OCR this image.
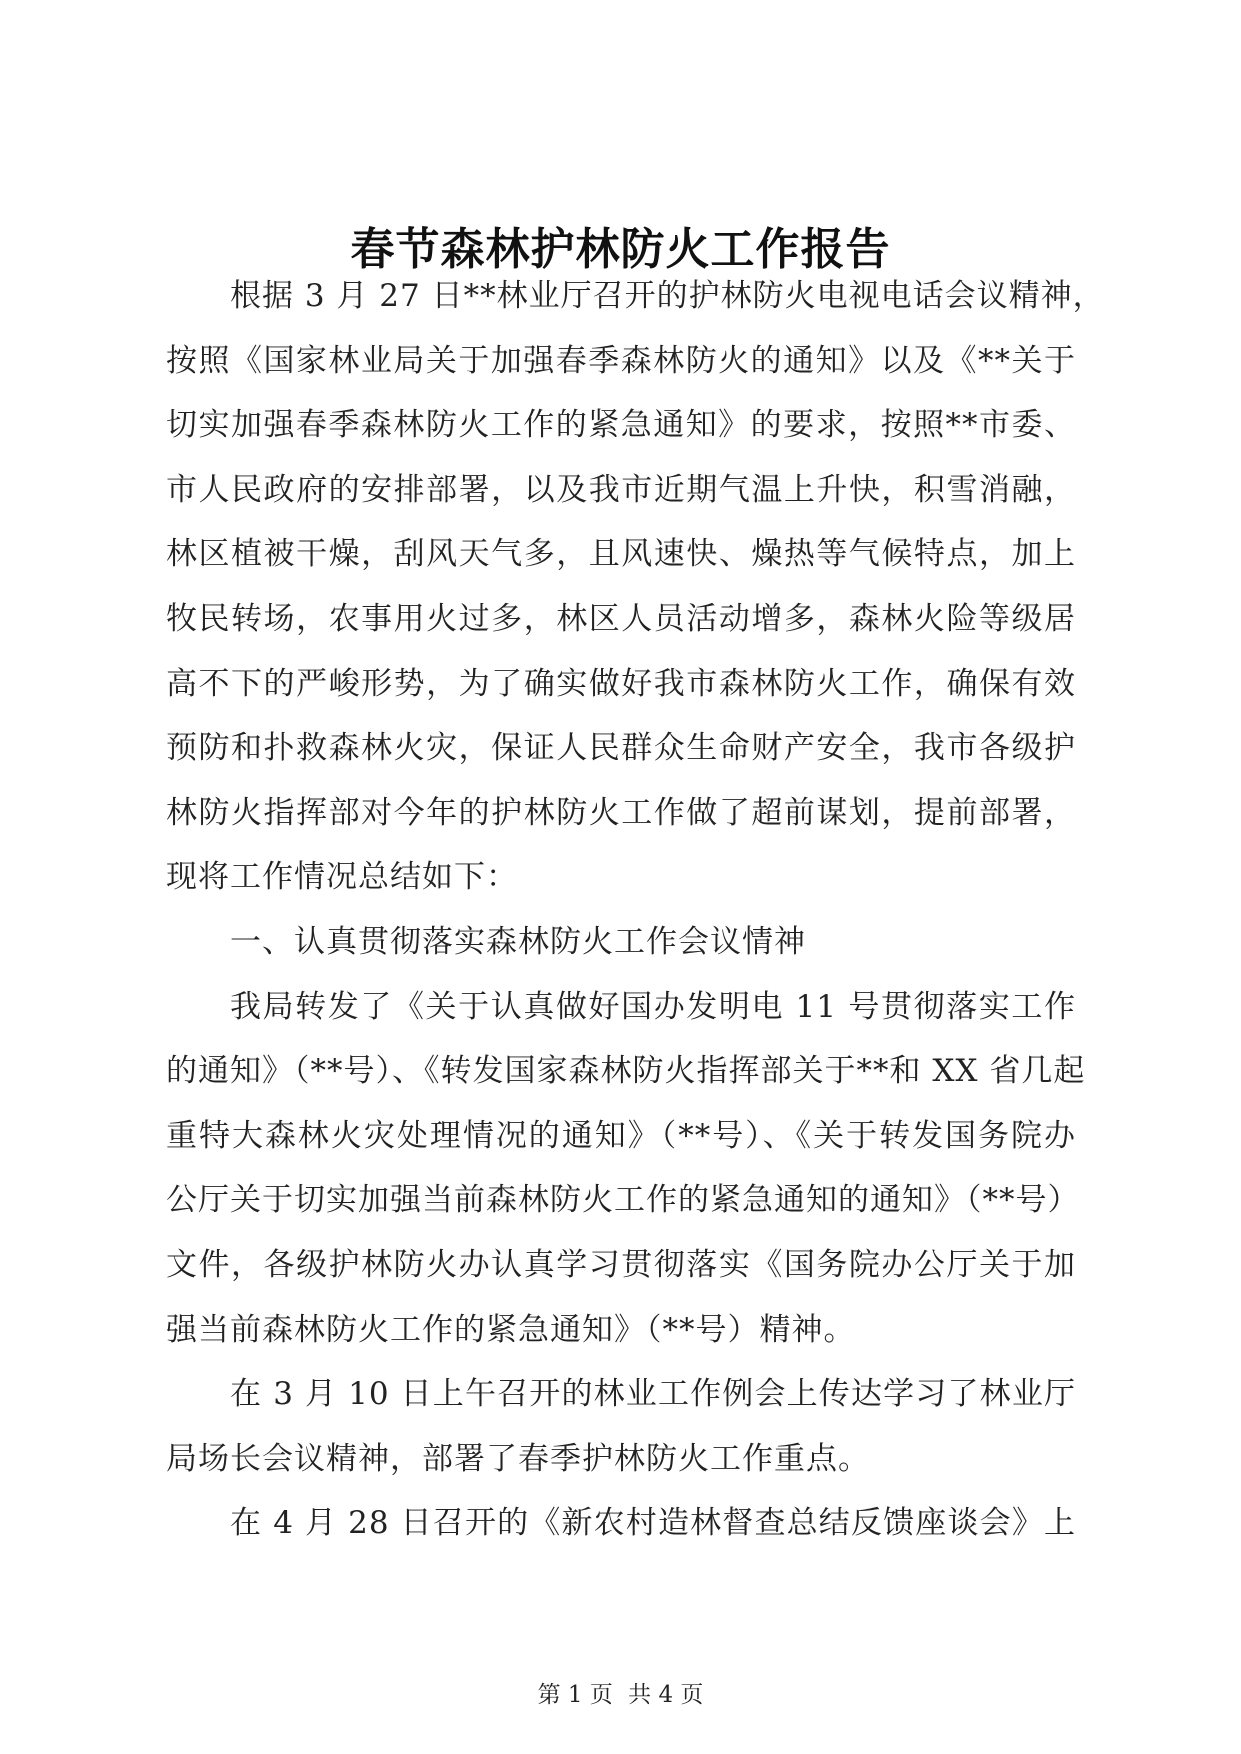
春节森林护林防火工作报告
根据 3 月 27 日**林业厅召开的护林防火电视电话会议精神，
按照《国家林业局关于加强春季森林防火的通知》以及《**关于
切实加强春季森林防火工作的紧急通知》的要求，按照**市委、
市人民政府的安排部署，以及我市近期气温上升快，积雪消融，
林区植被干燥，刮风天气多，且风速快、燥热等气候特点，加上
牧民转场，农事用火过多，林区人员活动增多，森林火险等级居
高不下的严峻形势，为了确实做好我市森林防火工作，确保有效
预防和扑救森林火灾，保证人民群众生命财产安全，我市各级护
林防火指挥部对今年的护林防火工作做了超前谋划，提前部署，
现将工作情况总结如下：
一、认真贯彻落实森林防火工作会议情神
我局转发了《关于认真做好国办发明电 11 号贯彻落实工作
的通知》（**号）、《转发国家森林防火指挥部关于**和 XX 省几起
重特大森林火灾处理情况的通知》（**号）、《关于转发国务院办
公厅关于切实加强当前森林防火工作的紧急通知的通知》（**号）
文件，各级护林防火办认真学习贯彻落实《国务院办公厅关于加
强当前森林防火工作的紧急通知》（**号）精神。
在 3 月 10 日上午召开的林业工作例会上传达学习了林业厅
局场长会议精神，部署了春季护林防火工作重点。
在 4 月 28 日召开的《新农村造林督查总结反馈座谈会》上
第 1 页 共 4 页
